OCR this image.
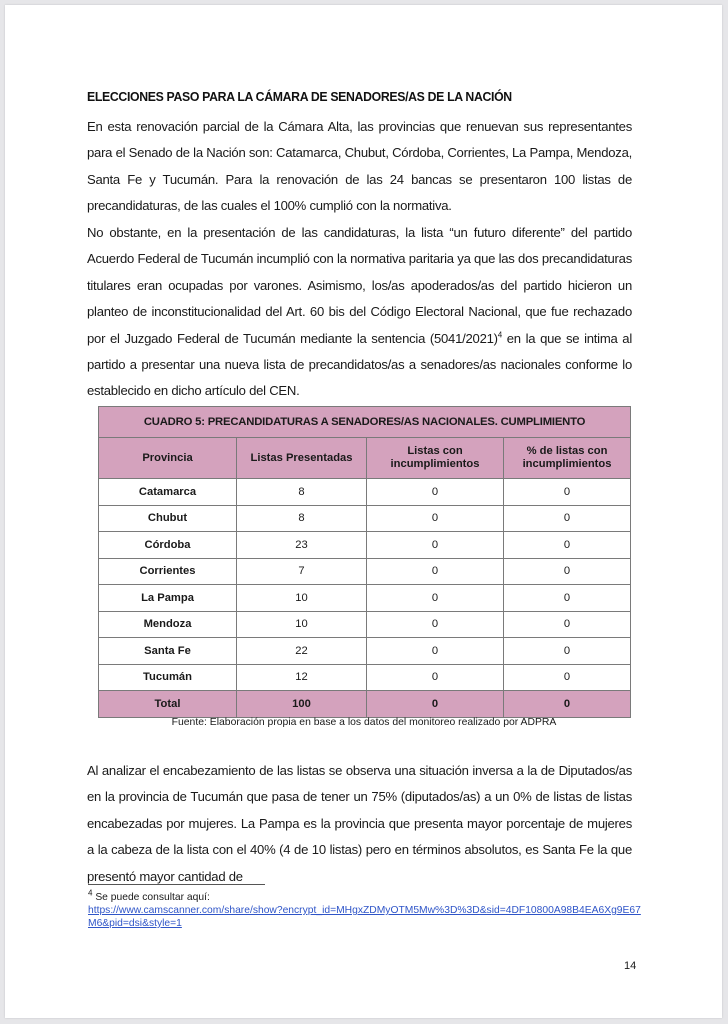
ELECCIONES PASO PARA LA CÁMARA DE SENADORES/AS DE LA NACIÓN
En esta renovación parcial de la Cámara Alta, las provincias que renuevan sus representantes para el Senado de la Nación son: Catamarca, Chubut, Córdoba, Corrientes, La Pampa, Mendoza, Santa Fe y Tucumán. Para la renovación de las 24 bancas se presentaron 100 listas de precandidaturas, de las cuales el 100% cumplió con la normativa.
No obstante, en la presentación de las candidaturas, la lista “un futuro diferente” del partido Acuerdo Federal de Tucumán incumplió con la normativa paritaria ya que las dos precandidaturas titulares eran ocupadas por varones. Asimismo, los/as apoderados/as del partido hicieron un planteo de inconstitucionalidad del Art. 60 bis del Código Electoral Nacional, que fue rechazado por el Juzgado Federal de Tucumán mediante la sentencia $(5041/2021)^4$ en la que se intima al partido a presentar una nueva lista de precandidatos/as a senadores/as nacionales conforme lo establecido en dicho artículo del CEN.
CUADRO 5: PRECANDIDATURAS A SENADORES/AS NACIONALES. CUMPLIMIENTO			
Provincia	Listas Presentadas	Listas con incumplimientos	% de listas con incumplimientos
Catamarca	8	0	0
Chubut	8	0	0
Córdoba	23	0	0
Corrientes	7	0	0
La Pampa	10	0	0
Mendoza	10	0	0
Santa Fe	22	0	0
Tucumán	12	0	0
Total	100	0	0
Fuente: Elaboración propia en base a los datos del monitoreo realizado por ADPRA
Al analizar el encabezamiento de las listas se observa una situación inversa a la de Diputados/as en la provincia de Tucumán que pasa de tener un 75% (diputados/as) a un 0% de listas de listas encabezadas por mujeres. La Pampa es la provincia que presenta mayor porcentaje de mujeres a la cabeza de la lista con el 40% (4 de 10 listas) pero en términos absolutos, es Santa Fe la que presentó mayor cantidad de
$^4$ Se puede consultar aquí:
https://www.camscanner.com/share/show?encrypt_id=MHgxZDMyOTM5Mw%3D%3D&sid=4DF10800A98B4EA6Xg9E67M6&pid=dsi&style=1
14
